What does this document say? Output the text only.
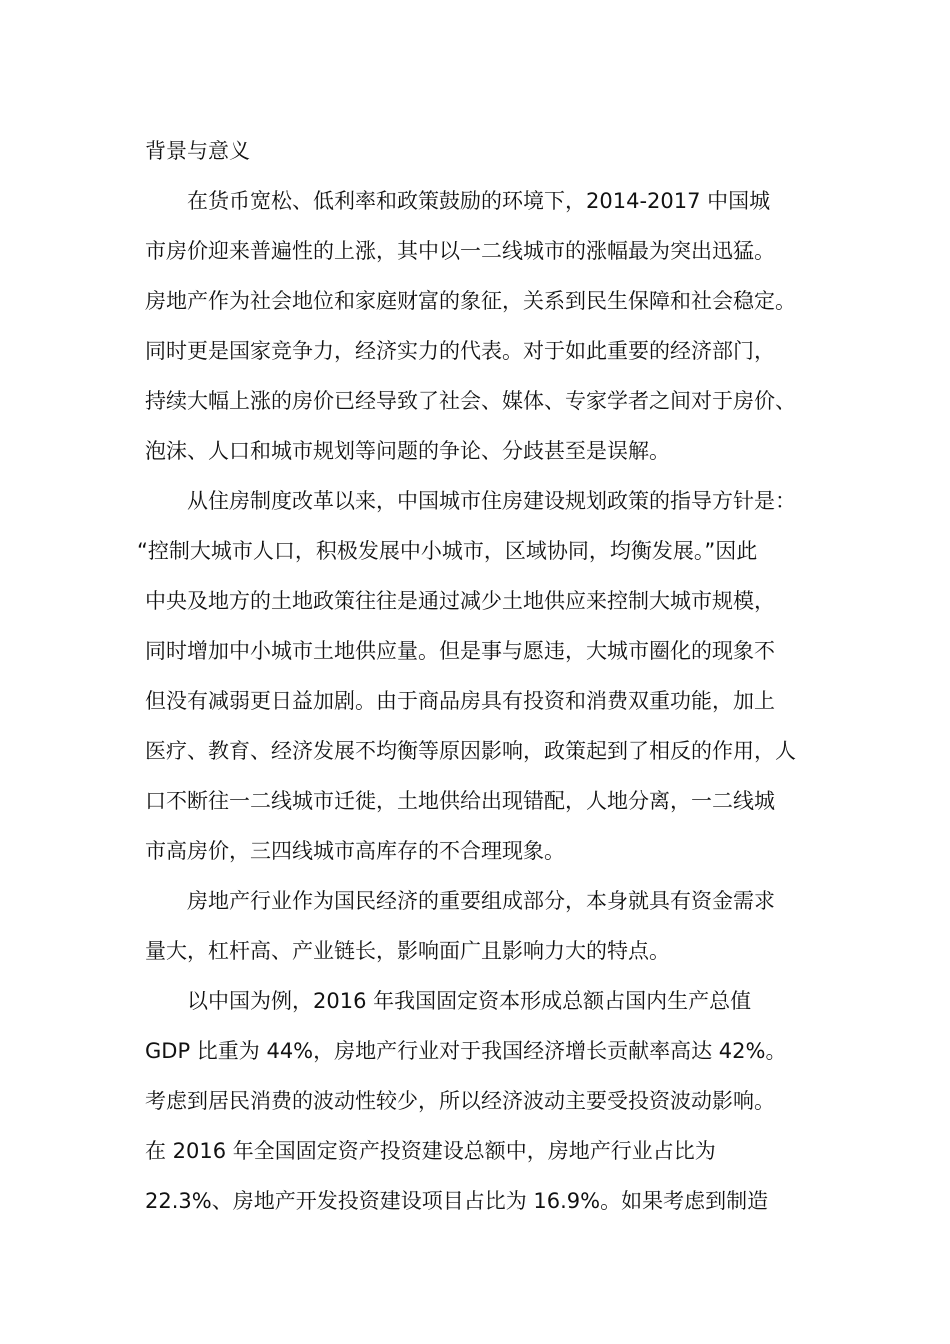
背景与意义

在货币宽松、低利率和政策鼓励的环境下，2014-2017 中国城
市房价迎来普遍性的上涨，其中以一二线城市的涨幅最为突出迅猛。
房地产作为社会地位和家庭财富的象征，关系到民生保障和社会稳定。
同时更是国家竞争力，经济实力的代表。对于如此重要的经济部门，
持续大幅上涨的房价已经导致了社会、媒体、专家学者之间对于房价、
泡沫、人口和城市规划等问题的争论、分歧甚至是误解。

从住房制度改革以来，中国城市住房建设规划政策的指导方针是：
“控制大城市人口，积极发展中小城市，区域协同，均衡发展。”因此
中央及地方的土地政策往往是通过减少土地供应来控制大城市规模，
同时增加中小城市土地供应量。但是事与愿违，大城市圈化的现象不
但没有减弱更日益加剧。由于商品房具有投资和消费双重功能，加上
医疗、教育、经济发展不均衡等原因影响，政策起到了相反的作用，人
口不断往一二线城市迁徙，土地供给出现错配，人地分离，一二线城
市高房价，三四线城市高库存的不合理现象。

房地产行业作为国民经济的重要组成部分，本身就具有资金需求
量大，杠杆高、产业链长，影响面广且影响力大的特点。

以中国为例，2016 年我国固定资本形成总额占国内生产总值
GDP 比重为 44%，房地产行业对于我国经济增长贡献率高达 42%。
考虑到居民消费的波动性较少，所以经济波动主要受投资波动影响。
在 2016 年全国固定资产投资建设总额中，房地产行业占比为
22.3%、房地产开发投资建设项目占比为 16.9%。如果考虑到制造
